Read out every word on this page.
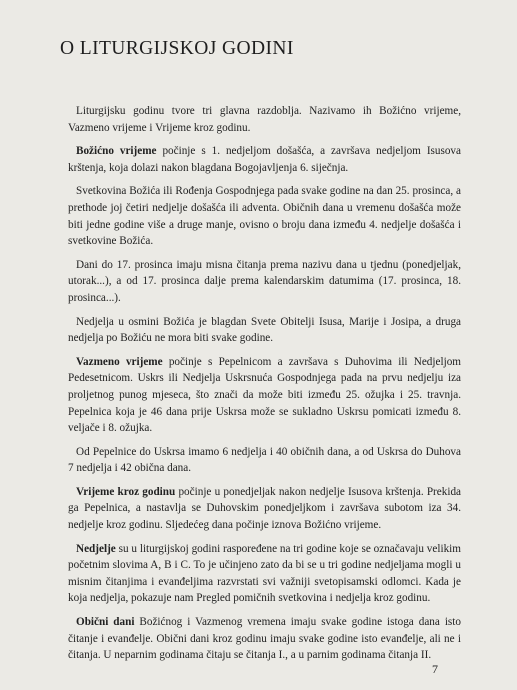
O LITURGIJSKOJ GODINI

Liturgijsku godinu tvore tri glavna razdoblja. Nazivamo ih Božićno vrijeme, Vazmeno vrijeme i Vrijeme kroz godinu.

Božićno vrijeme počinje s 1. nedjeljom došašća, a završava nedjeljom Isusova krštenja, koja dolazi nakon blagdana Bogojavljenja 6. siječnja.

Svetkovina Božića ili Rođenja Gospodnjega pada svake godine na dan 25. prosinca, a prethode joj četiri nedjelje došašća ili adventa. Običnih dana u vremenu došašća može biti jedne godine više a druge manje, ovisno o broju dana između 4. nedjelje došašća i svetkovine Božića.

Dani do 17. prosinca imaju misna čitanja prema nazivu dana u tjednu (ponedjeljak, utorak...), a od 17. prosinca dalje prema kalendarskim datumima (17. prosinca, 18. prosinca...).

Nedjelja u osmini Božića je blagdan Svete Obitelji Isusa, Marije i Josipa, a druga nedjelja po Božiću ne mora biti svake godine.

Vazmeno vrijeme počinje s Pepelnicom a završava s Duhovima ili Nedjeljom Pedesetnicom. Uskrs ili Nedjelja Uskrsnuća Gospodnjega pada na prvu nedjelju iza proljetnog punog mjeseca, što znači da može biti između 25. ožujka i 25. travnja. Pepelnica koja je 46 dana prije Uskrsa može se sukladno Uskrsu pomicati između 8. veljače i 8. ožujka.

Od Pepelnice do Uskrsa imamo 6 nedjelja i 40 običnih dana, a od Uskrsa do Duhova 7 nedjelja i 42 obična dana.

Vrijeme kroz godinu počinje u ponedjeljak nakon nedjelje Isusova krštenja. Prekida ga Pepelnica, a nastavlja se Duhovskim ponedjeljkom i završava subotom iza 34. nedjelje kroz godinu. Sljedećeg dana počinje iznova Božićno vrijeme.

Nedjelje su u liturgijskoj godini raspoređene na tri godine koje se označavaju velikim početnim slovima A, B i C. To je učinjeno zato da bi se u tri godine nedjeljama mogli u misnim čitanjima i evanđeljima razvrstati svi važniji svetopisamski odlomci. Kada je koja nedjelja, pokazuje nam Pregled pomičnih svetkovina i nedjelja kroz godinu.

Obični dani Božićnog i Vazmenog vremena imaju svake godine istoga dana isto čitanje i evanđelje. Obični dani kroz godinu imaju svake godine isto evanđelje, ali ne i čitanja. U neparnim godinama čitaju se čitanja I., a u parnim godinama čitanja II.

7
